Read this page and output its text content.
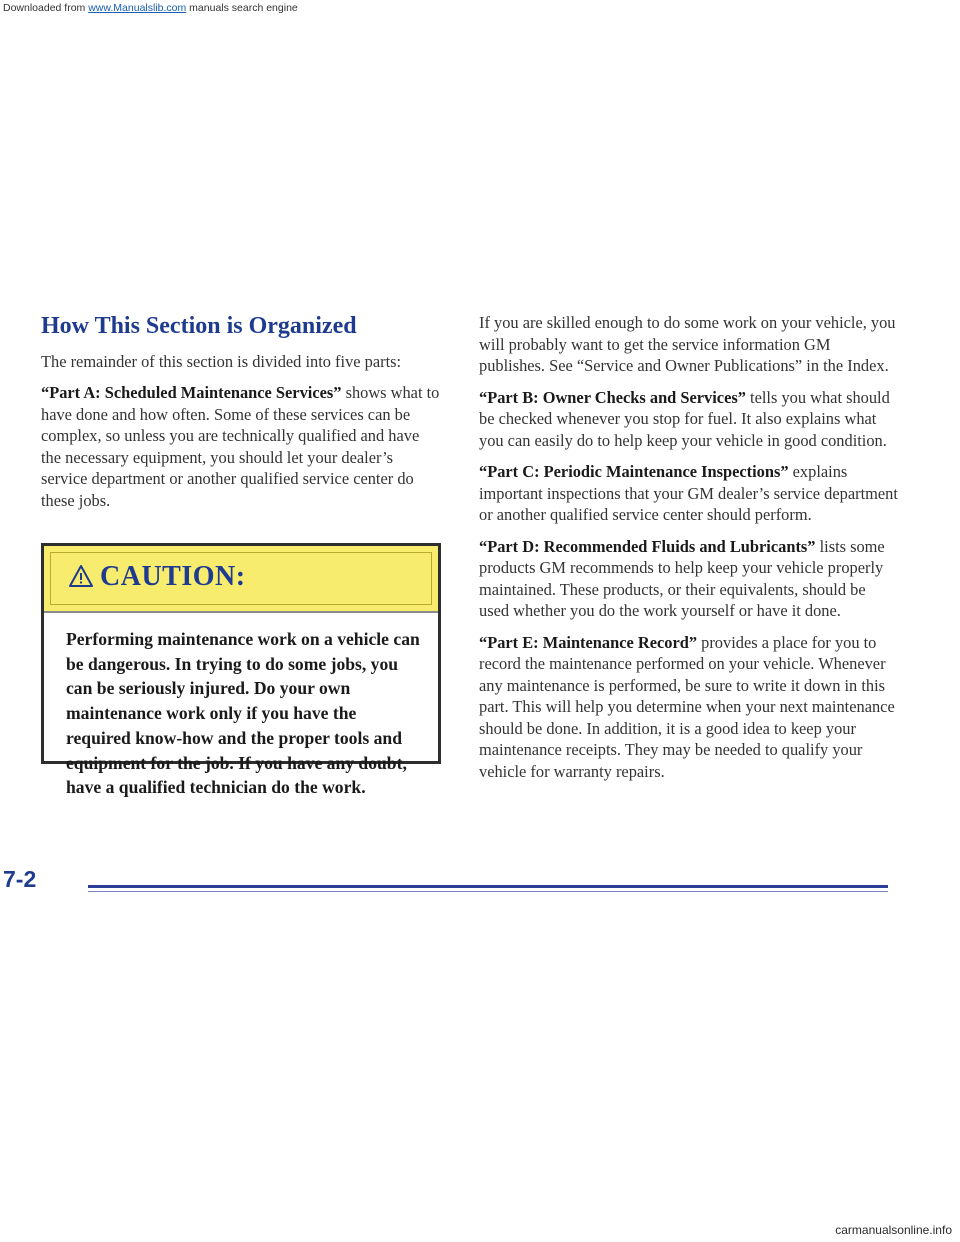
Downloaded from www.Manualslib.com manuals search engine
How This Section is Organized

The remainder of this section is divided into five parts:

“Part A: Scheduled Maintenance Services” shows what to have done and how often. Some of these services can be complex, so unless you are technically qualified and have the necessary equipment, you should let your dealer’s service department or another qualified service center do these jobs.

CAUTION:
Performing maintenance work on a vehicle can be dangerous. In trying to do some jobs, you can be seriously injured. Do your own maintenance work only if you have the required know-how and the proper tools and equipment for the job. If you have any doubt, have a qualified technician do the work.

If you are skilled enough to do some work on your vehicle, you will probably want to get the service information GM publishes. See “Service and Owner Publications” in the Index.

“Part B: Owner Checks and Services” tells you what should be checked whenever you stop for fuel. It also explains what you can easily do to help keep your vehicle in good condition.

“Part C: Periodic Maintenance Inspections” explains important inspections that your GM dealer’s service department or another qualified service center should perform.

“Part D: Recommended Fluids and Lubricants” lists some products GM recommends to help keep your vehicle properly maintained. These products, or their equivalents, should be used whether you do the work yourself or have it done.

“Part E: Maintenance Record” provides a place for you to record the maintenance performed on your vehicle. Whenever any maintenance is performed, be sure to write it down in this part. This will help you determine when your next maintenance should be done. In addition, it is a good idea to keep your maintenance receipts. They may be needed to qualify your vehicle for warranty repairs.

7-2
carmanualsonline.info
